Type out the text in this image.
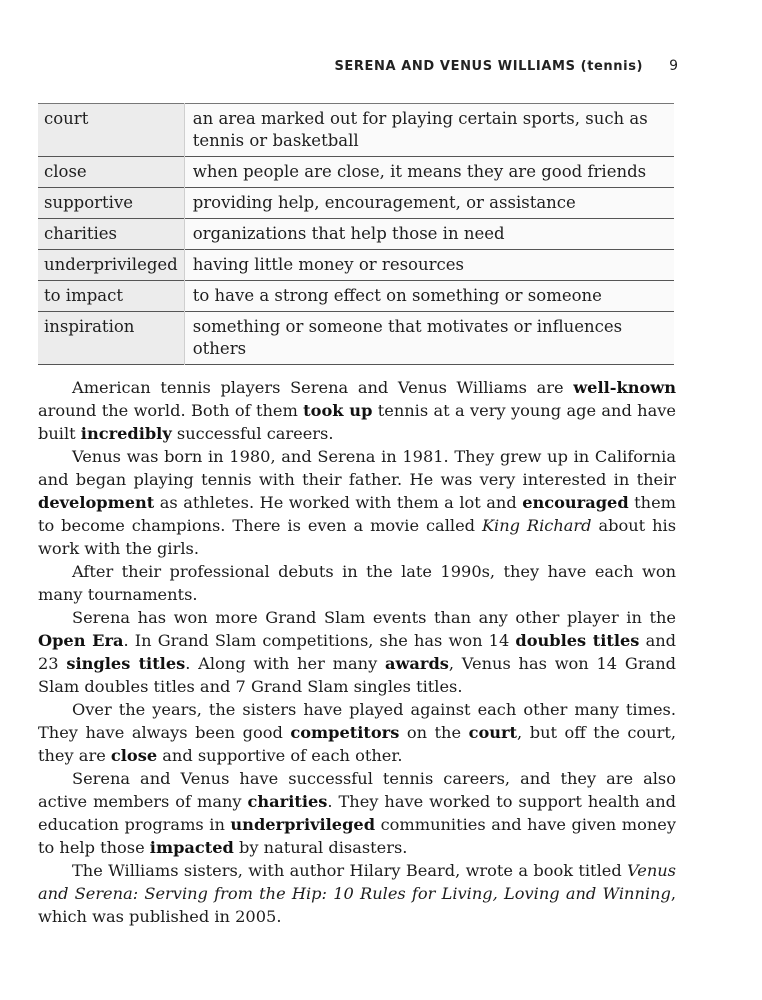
SERENA AND VENUS WILLIAMS (tennis) 9
court	an area marked out for playing certain sports, such as tennis or basketball
close	when people are close, it means they are good friends
supportive	providing help, encouragement, or assistance
charities	organizations that help those in need
underprivileged	having little money or resources
to impact	to have a strong effect on something or someone
inspiration	something or someone that motivates or influences others

American tennis players Serena and Venus Williams are well-known around the world. Both of them took up tennis at a very young age and have built incredibly successful careers.

Venus was born in 1980, and Serena in 1981. They grew up in California and began playing tennis with their father. He was very interested in their development as athletes. He worked with them a lot and encouraged them to become champions. There is even a movie called King Richard about his work with the girls.

After their professional debuts in the late 1990s, they have each won many tournaments.

Serena has won more Grand Slam events than any other player in the Open Era. In Grand Slam competitions, she has won 14 doubles titles and 23 singles titles. Along with her many awards, Venus has won 14 Grand Slam doubles titles and 7 Grand Slam singles titles.

Over the years, the sisters have played against each other many times. They have always been good competitors on the court, but off the court, they are close and supportive of each other.

Serena and Venus have successful tennis careers, and they are also active members of many charities. They have worked to support health and education programs in underprivileged communities and have given money to help those impacted by natural disasters.

The Williams sisters, with author Hilary Beard, wrote a book titled Venus and Serena: Serving from the Hip: 10 Rules for Living, Loving and Winning, which was published in 2005.
